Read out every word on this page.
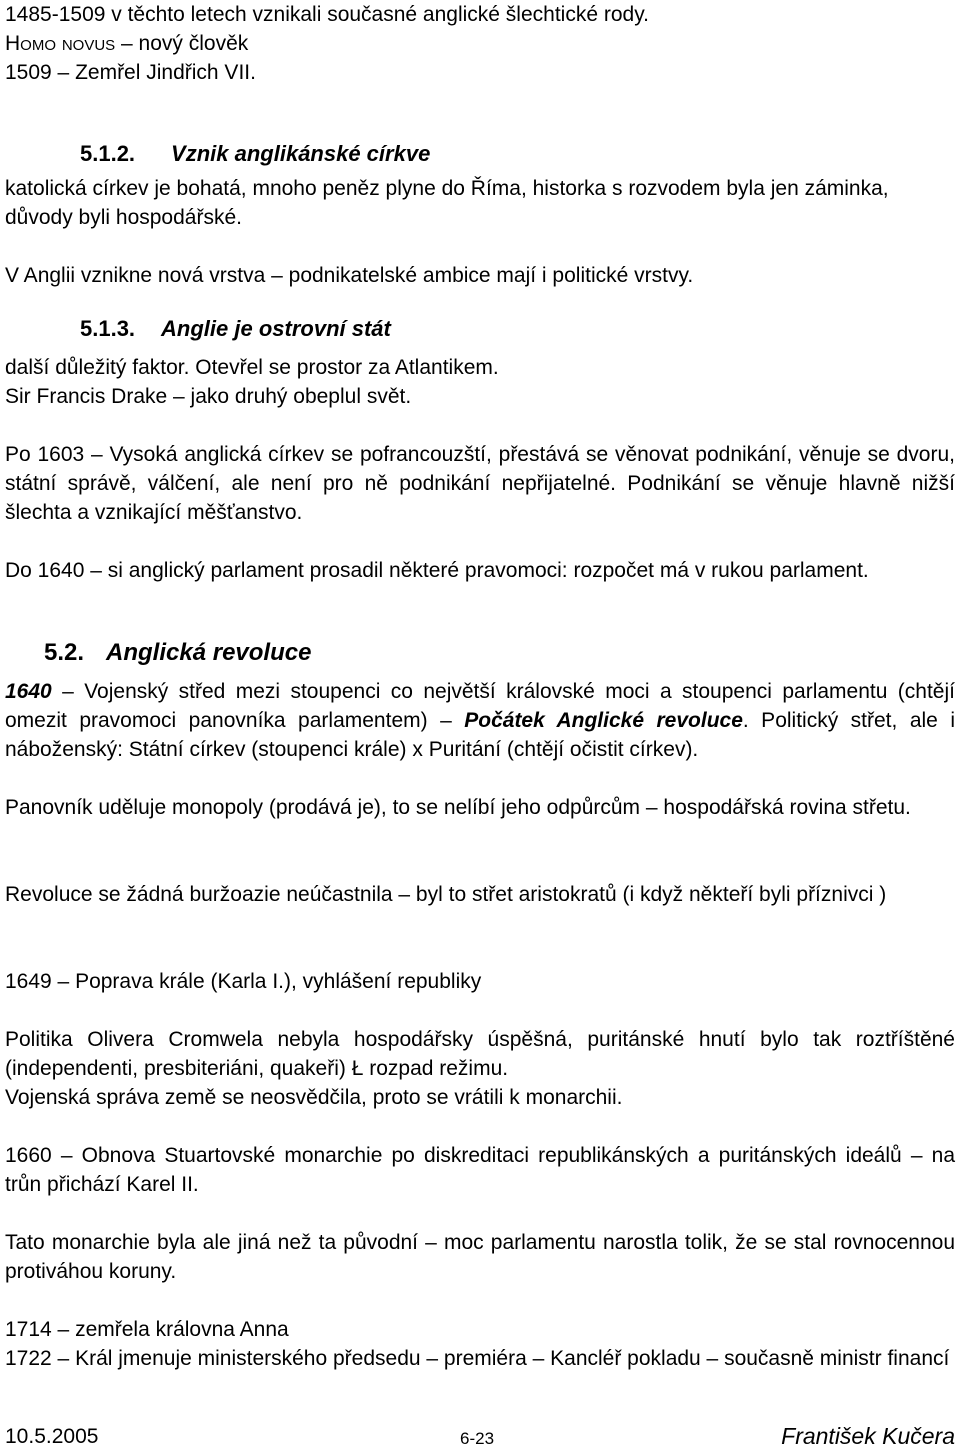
1485-1509 v těchto letech vznikali současné anglické šlechtické rody.

Homo novus – nový člověk

1509 – Zemřel Jindřich VII.

5.1.2. Vznik anglikánské církve

katolická církev je bohatá, mnoho peněz plyne do Říma, historka s rozvodem byla jen záminka, důvody byli hospodářské.

V Anglii vznikne nová vrstva – podnikatelské ambice mají i politické vrstvy.

5.1.3. Anglie je ostrovní stát

další důležitý faktor. Otevřel se prostor za Atlantikem.

Sir Francis Drake – jako druhý obeplul svět.

Po 1603 – Vysoká anglická církev se pofrancouzští, přestává se věnovat podnikání, věnuje se dvoru, státní správě, válčení, ale není pro ně podnikání nepřijatelné. Podnikání se věnuje hlavně nižší šlechta a vznikající měšťanstvo.

Do 1640 – si anglický parlament prosadil některé pravomoci: rozpočet má v rukou parlament.

5.2. Anglická revoluce

1640 – Vojenský střed mezi stoupenci co největší královské moci a stoupenci parlamentu (chtějí omezit pravomoci panovníka parlamentem) – Počátek Anglické revoluce. Politický střet, ale i náboženský: Státní církev (stoupenci krále) x Puritání (chtějí očistit církev).

Panovník uděluje monopoly (prodává je), to se nelíbí jeho odpůrcům – hospodářská rovina střetu.

Revoluce se žádná buržoazie neúčastnila – byl to střet aristokratů (i když někteří byli příznivci )

1649 – Poprava krále (Karla I.), vyhlášení republiky

Politika Olivera Cromwela nebyla hospodářsky úspěšná, puritánské hnutí bylo tak roztříštěné (independenti, presbiteriáni, quakeři) Ł rozpad režimu.

Vojenská správa země se neosvědčila, proto se vrátili k monarchii.

1660 – Obnova Stuartovské monarchie po diskreditaci republikánských a puritánských ideálů – na trůn přichází Karel II.

Tato monarchie byla ale jiná než ta původní – moc parlamentu narostla tolik, že se stal rovnocennou protiváhou koruny.

1714 – zemřela královna Anna

1722 – Král jmenuje ministerského předsedu – premiéra – Kancléř pokladu – současně ministr financí

10.5.2005	6-23	František Kučera
